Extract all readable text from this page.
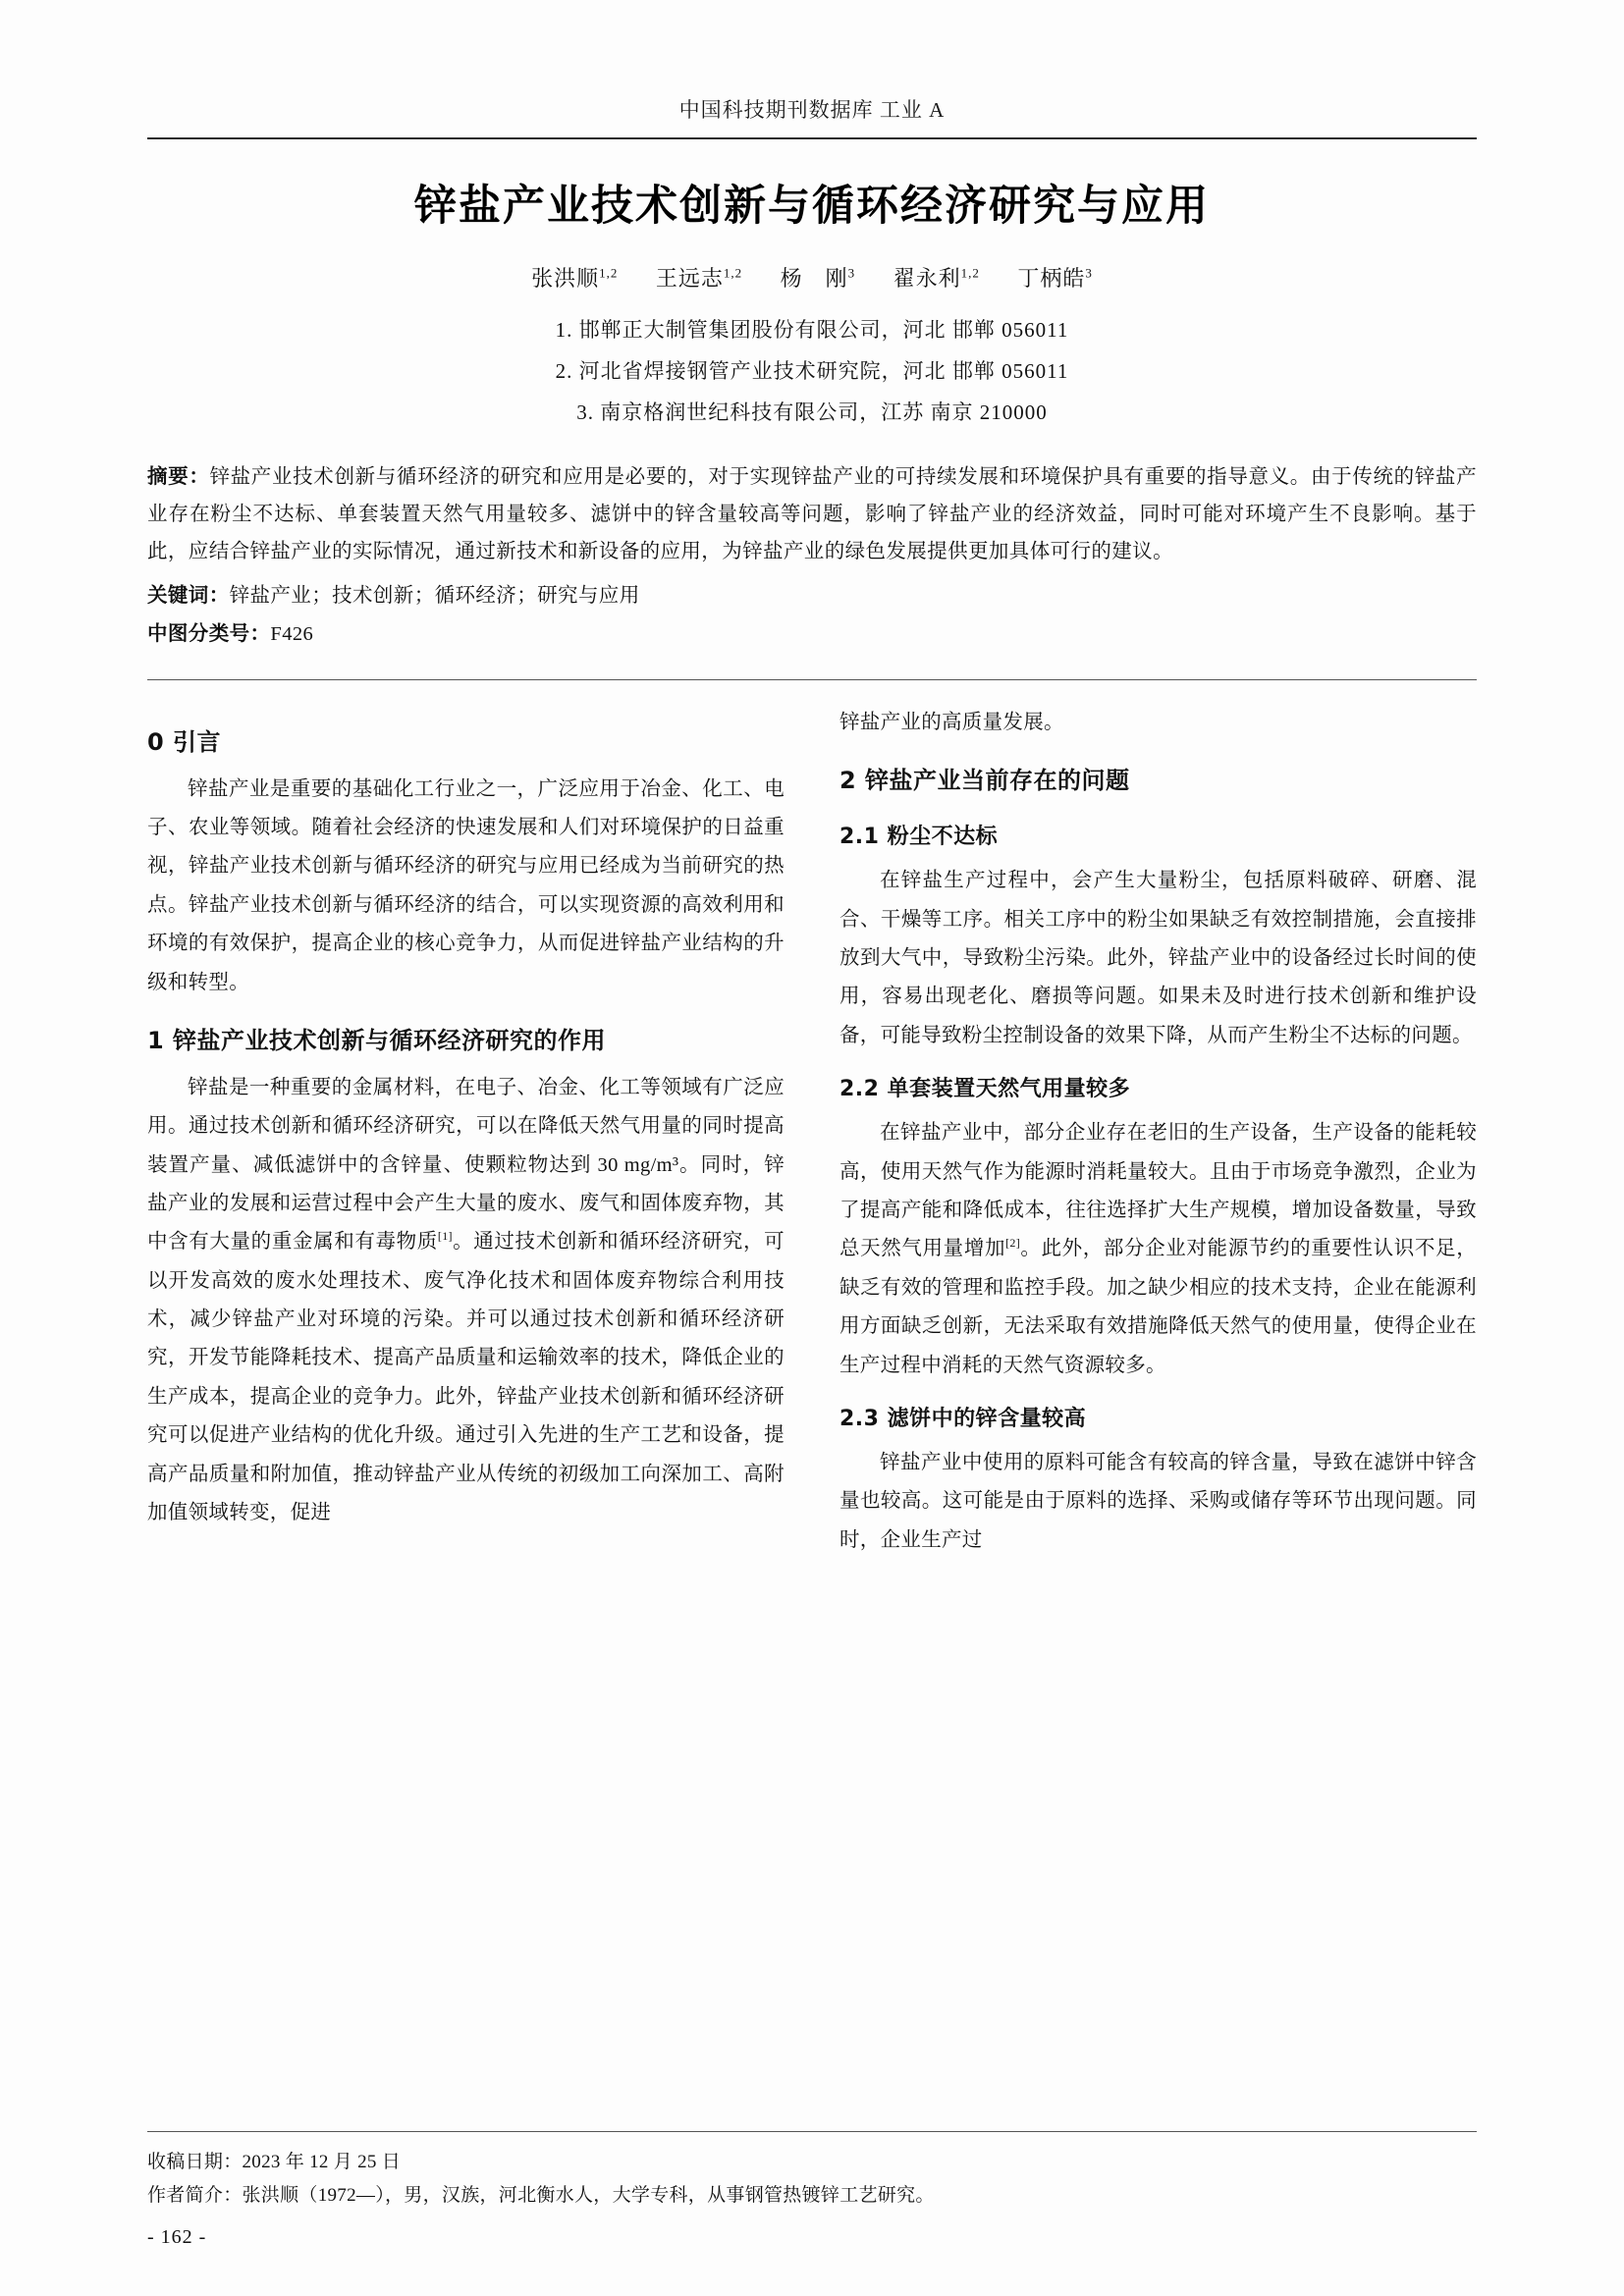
中国科技期刊数据库 工业 A
锌盐产业技术创新与循环经济研究与应用
张洪顺$^{1,2}$ 王远志$^{1,2}$ 杨　刚$^3$ 翟永利$^{1,2}$ 丁柄皓$^3$
1. 邯郸正大制管集团股份有限公司，河北 邯郸 056011
2. 河北省焊接钢管产业技术研究院，河北 邯郸 056011
3. 南京格润世纪科技有限公司，江苏 南京 210000
摘要：锌盐产业技术创新与循环经济的研究和应用是必要的，对于实现锌盐产业的可持续发展和环境保护具有重要的指导意义。由于传统的锌盐产业存在粉尘不达标、单套装置天然气用量较多、滤饼中的锌含量较高等问题，影响了锌盐产业的经济效益，同时可能对环境产生不良影响。基于此，应结合锌盐产业的实际情况，通过新技术和新设备的应用，为锌盐产业的绿色发展提供更加具体可行的建议。
关键词：锌盐产业；技术创新；循环经济；研究与应用
中图分类号：F426
0 引言

锌盐产业是重要的基础化工行业之一，广泛应用于冶金、化工、电子、农业等领域。随着社会经济的快速发展和人们对环境保护的日益重视，锌盐产业技术创新与循环经济的研究与应用已经成为当前研究的热点。锌盐产业技术创新与循环经济的结合，可以实现资源的高效利用和环境的有效保护，提高企业的核心竞争力，从而促进锌盐产业结构的升级和转型。

1 锌盐产业技术创新与循环经济研究的作用

锌盐是一种重要的金属材料，在电子、冶金、化工等领域有广泛应用。通过技术创新和循环经济研究，可以在降低天然气用量的同时提高装置产量、减低滤饼中的含锌量、使颗粒物达到 30 mg/m³。同时，锌盐产业的发展和运营过程中会产生大量的废水、废气和固体废弃物，其中含有大量的重金属和有毒物质[1]。通过技术创新和循环经济研究，可以开发高效的废水处理技术、废气净化技术和固体废弃物综合利用技术，减少锌盐产业对环境的污染。并可以通过技术创新和循环经济研究，开发节能降耗技术、提高产品质量和运输效率的技术，降低企业的生产成本，提高企业的竞争力。此外，锌盐产业技术创新和循环经济研究可以促进产业结构的优化升级。通过引入先进的生产工艺和设备，提高产品质量和附加值，推动锌盐产业从传统的初级加工向深加工、高附加值领域转变，促进

锌盐产业的高质量发展。

2 锌盐产业当前存在的问题
2.1 粉尘不达标

在锌盐生产过程中，会产生大量粉尘，包括原料破碎、研磨、混合、干燥等工序。相关工序中的粉尘如果缺乏有效控制措施，会直接排放到大气中，导致粉尘污染。此外，锌盐产业中的设备经过长时间的使用，容易出现老化、磨损等问题。如果未及时进行技术创新和维护设备，可能导致粉尘控制设备的效果下降，从而产生粉尘不达标的问题。

2.2 单套装置天然气用量较多

在锌盐产业中，部分企业存在老旧的生产设备，生产设备的能耗较高，使用天然气作为能源时消耗量较大。且由于市场竞争激烈，企业为了提高产能和降低成本，往往选择扩大生产规模，增加设备数量，导致总天然气用量增加[2]。此外，部分企业对能源节约的重要性认识不足，缺乏有效的管理和监控手段。加之缺少相应的技术支持，企业在能源利用方面缺乏创新，无法采取有效措施降低天然气的使用量，使得企业在生产过程中消耗的天然气资源较多。

2.3 滤饼中的锌含量较高

锌盐产业中使用的原料可能含有较高的锌含量，导致在滤饼中锌含量也较高。这可能是由于原料的选择、采购或储存等环节出现问题。同时，企业生产过

收稿日期：2023 年 12 月 25 日
作者简介：张洪顺（1972—），男，汉族，河北衡水人，大学专科，从事钢管热镀锌工艺研究。
- 162 -
